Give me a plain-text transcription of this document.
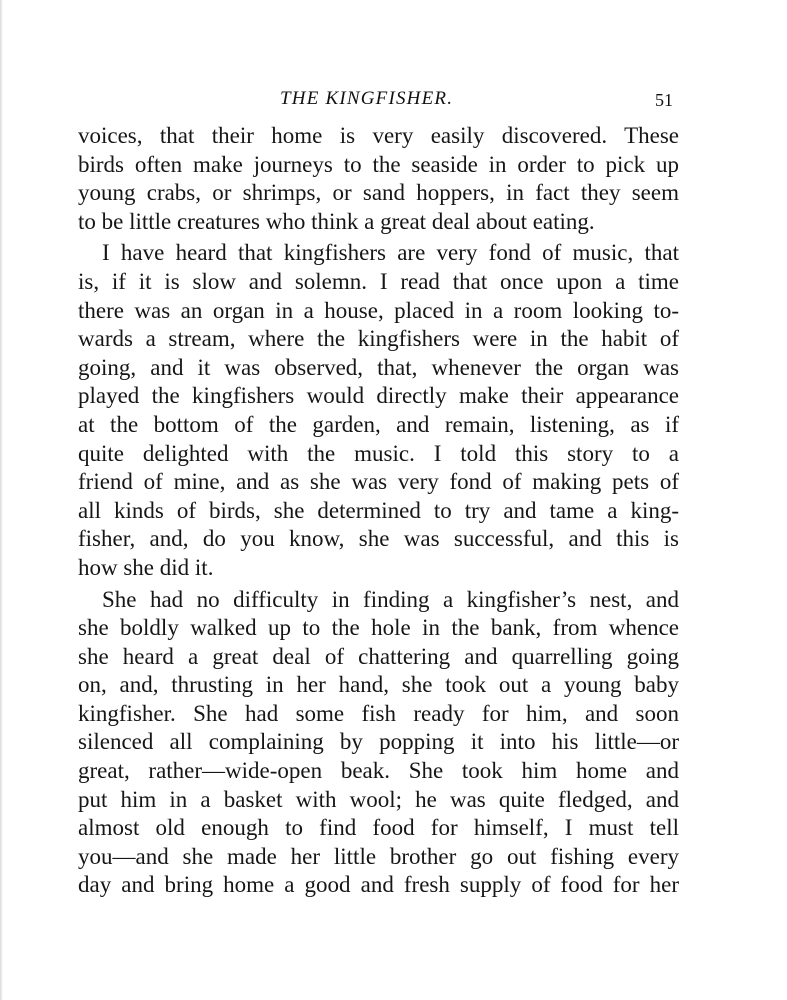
THE KINGFISHER.	51
voices, that their home is very easily discovered. These
birds often make journeys to the seaside in order to pick up
young crabs, or shrimps, or sand hoppers, in fact they seem
to be little creatures who think a great deal about eating.
I have heard that kingfishers are very fond of music, that
is, if it is slow and solemn. I read that once upon a time
there was an organ in a house, placed in a room looking to-
wards a stream, where the kingfishers were in the habit of
going, and it was observed, that, whenever the organ was
played the kingfishers would directly make their appearance
at the bottom of the garden, and remain, listening, as if
quite delighted with the music. I told this story to a
friend of mine, and as she was very fond of making pets of
all kinds of birds, she determined to try and tame a king-
fisher, and, do you know, she was successful, and this is
how she did it.
She had no difficulty in finding a kingfisher’s nest, and
she boldly walked up to the hole in the bank, from whence
she heard a great deal of chattering and quarrelling going
on, and, thrusting in her hand, she took out a young baby
kingfisher. She had some fish ready for him, and soon
silenced all complaining by popping it into his little—or
great, rather—wide-open beak. She took him home and
put him in a basket with wool; he was quite fledged, and
almost old enough to find food for himself, I must tell
you—and she made her little brother go out fishing every
day and bring home a good and fresh supply of food for her
